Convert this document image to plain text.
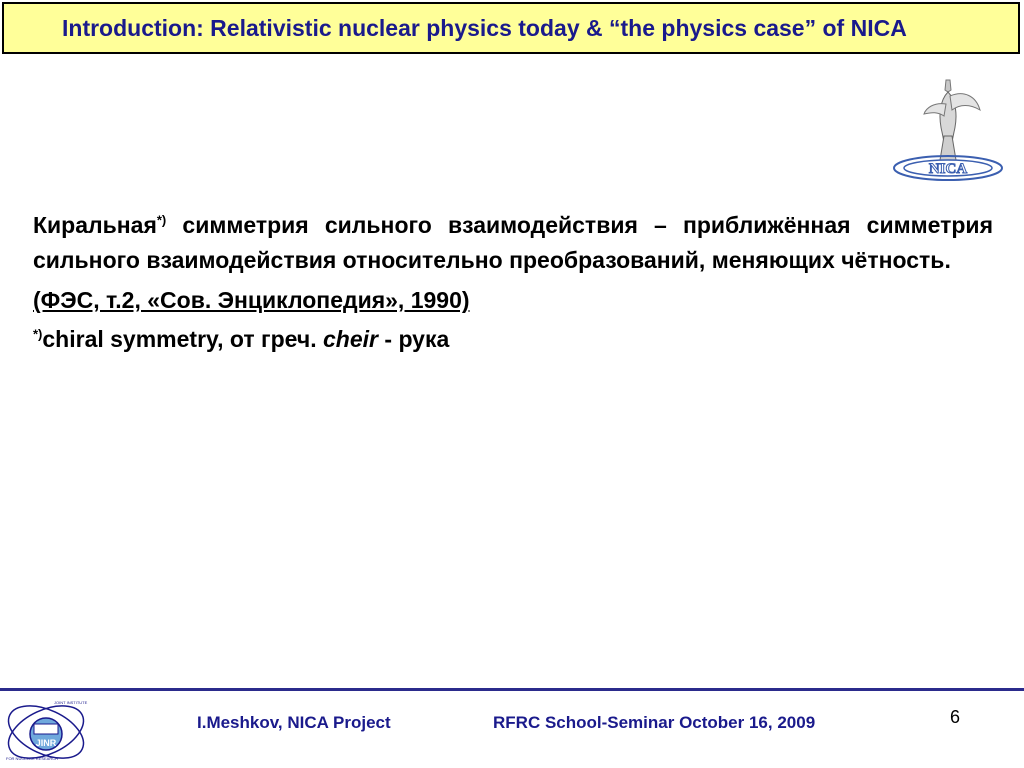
Introduction: Relativistic nuclear physics today & “the physics case” of NICA
NICA

Киральная*) симметрия сильного взаимодействия – приближённая симметрия сильного взаимодействия относительно преобразований, меняющих чётность.

(ФЭС, т.2, «Сов. Энциклопедия», 1990)

*)chiral symmetry, от греч. cheir - рука

JINR
JOINT INSTITUTE
FOR NUCLEAR RESEARCH
I.Meshkov, NICA Project	RFRC School-Seminar October 16, 2009	6
